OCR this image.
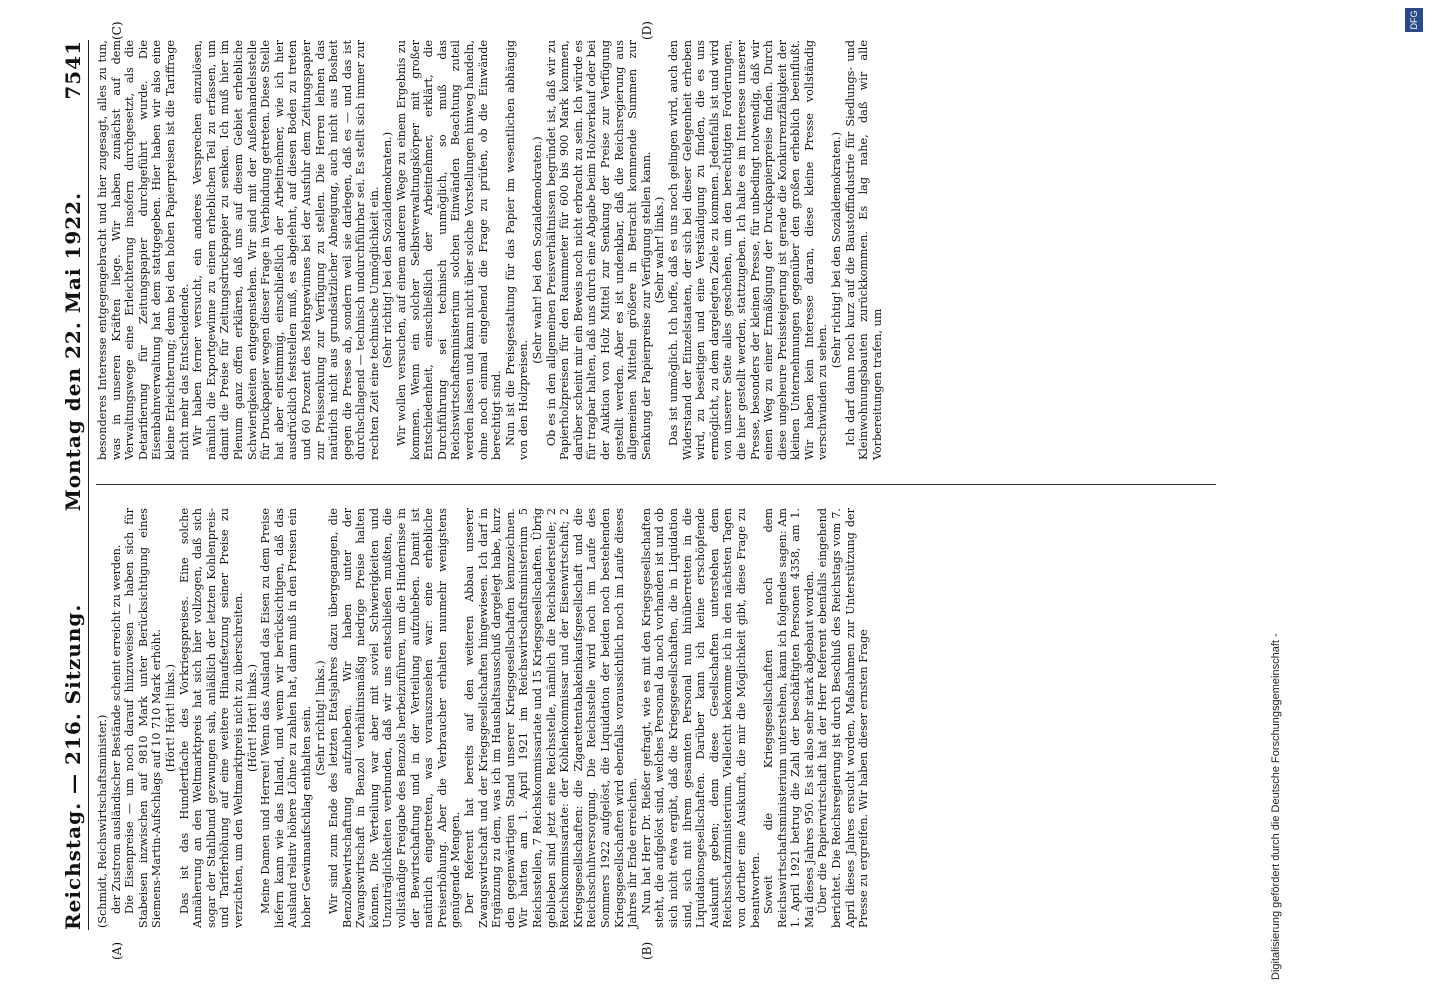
Reichstag. — 216. Sitzung.
Montag den 22. Mai 1922.
7541
(A)	(B)
(C)	(D)

(Schmidt, Reichswirtschaftsminister.) der Zustrom ausländischer Bestände scheint erreicht zu werden. Die Eisenpreise — um noch darauf hinzuweisen — haben sich für Stabeisen inzwischen auf 9810 Mark unter Berücksichtigung eines Siemens-Martin-Aufschlags auf 10 710 Mark erhöht. (Hört! Hört! links.) Das ist das Hundertfache des Vorkriegspreises. Eine solche Annäherung an den Weltmarktpreis hat sich hier vollzogen, daß sich sogar der Stahlbund gezwungen sah, anläßlich der letzten Kohlenpreis- und Tariferhöhung auf eine weitere Hinaufsetzung seiner Preise zu verzichten, um den Weltmarktpreis nicht zu überschreiten. (Hört! Hört! links.) Meine Damen und Herren! Wenn das Ausland das Eisen zu dem Preise liefern kann wie das Inland, und wenn wir berücksichtigen, daß das Ausland relativ höhere Löhne zu zahlen hat, dann muß in den Preisen ein hoher Gewinnaufschlag enthalten sein. (Sehr richtig! links.) Wir sind zum Ende des letzten Etatsjahres dazu übergegangen, die Benzolbewirtschaftung aufzuheben. Wir haben unter der Zwangswirtschaft in Benzol verhältnismäßig niedrige Preise halten können. Die Verteilung war aber mit soviel Schwierigkeiten und Unzuträglichkeiten verbunden, daß wir uns entschließen mußten, die vollständige Freigabe des Benzols herbeizuführen, um die Hindernisse in der Bewirtschaftung und in der Verteilung aufzuheben. Damit ist natürlich eingetreten, was vorauszusehen war: eine erhebliche Preiserhöhung. Aber die Verbraucher erhalten nunmehr wenigstens genügende Mengen. Der Referent hat bereits auf den weiteren Abbau unserer Zwangswirtschaft und der Kriegsgesellschaften hingewiesen. Ich darf in Ergänzung zu dem, was ich im Haushaltsausschuß dargelegt habe, kurz den gegenwärtigen Stand unserer Kriegsgesellschaften kennzeichnen. Wir hatten am 1. April 1921 im Reichswirtschaftsministerium 5 Reichsstellen, 7 Reichskommissariate und 15 Kriegsgesellschaften. Übrig geblieben sind jetzt eine Reichsstelle, nämlich die Reichslederstelle; 2 Reichskommissariate: der Kohlenkommissar und der Eisenwirtschaft; 2 Kriegsgesellschaften: die Zigarettentabakeinkaufsgesellschaft und die Reichsschuhversorgung. Die Reichsstelle wird noch im Laufe des Sommers 1922 aufgelöst, die Liquidation der beiden noch bestehenden Kriegsgesellschaften wird ebenfalls voraussichtlich noch im Laufe dieses Jahres ihr Ende erreichen. Nun hat Herr Dr. Rießer gefragt, wie es mit den Kriegsgesellschaften steht, die aufgelöst sind, welches Personal da noch vorhanden ist und ob sich nicht etwa ergibt, daß die Kriegsgesellschaften, die in Liquidation sind, sich mit ihrem gesamten Personal nun hinüberretten in die Liquidationsgesellschaften. Darüber kann ich keine erschöpfende Auskunft geben; denn diese Gesellschaften unterstehen dem Reichsschatzministerium. Vielleicht bekomme ich in den nächsten Tagen von dorther eine Auskunft, die mir die Möglichkeit gibt, diese Frage zu beantworten. Soweit die Kriegsgesellschaften noch dem Reichswirtschaftsministerium unterstehen, kann ich folgendes sagen: Am 1. April 1921 betrug die Zahl der beschäftigten Personen 4358, am 1. Mai dieses Jahres 950. Es ist also sehr stark abgebaut worden. Über die Papierwirtschaft hat der Herr Referent ebenfalls eingehend berichtet. Die Reichsregierung ist durch Beschluß des Reichstags vom 7. April dieses Jahres ersucht worden, Maßnahmen zur Unterstützung der Presse zu ergreifen. Wir haben dieser ernsten Frage

besonderes Interesse entgegengebracht und hier zugesagt, alles zu tun, was in unseren Kräften liege. Wir haben zunächst auf dem Verwaltungswege eine Erleichterung insofern durchgesetzt, als die Detarifierung für Zeitungspapier durchgeführt wurde. Die Eisenbahnverwaltung hat dem stattgegeben. Hier haben wir also eine kleine Erleichterung; denn bei den hohen Papierpreisen ist die Tariffrage nicht mehr das Entscheidende. Wir haben ferner versucht, ein anderes Versprechen einzulösen, nämlich die Exportgewinne zu einem erheblichen Teil zu erfassen, um damit die Preise für Zeitungsdruckpapier zu senken. Ich muß hier im Plenum ganz offen erklären, daß uns auf diesem Gebiet erhebliche Schwierigkeiten entgegenstehen. Wir sind mit der Außenhandelsstelle für Druckpapier wegen dieser Frage in Verbindung getreten. Diese Stelle hat aber einstimmig, einschließlich der Arbeitnehmer, wie ich hier ausdrücklich feststellen muß, es abgelehnt, auf diesen Boden zu treten und 60 Prozent des Mehrgewinnes bei der Ausfuhr dem Zeitungspapier zur Preissenkung zur Verfügung zu stellen. Die Herren lehnen das natürlich nicht aus grundsätzlicher Abneigung, auch nicht aus Bosheit gegen die Presse ab, sondern weil sie darlegen, daß es — und das ist durchschlagend — technisch undurchführbar sei. Es stellt sich immer zur rechten Zeit eine technische Unmöglichkeit ein. (Sehr richtig! bei den Sozialdemokraten.) Wir wollen versuchen, auf einem anderen Wege zu einem Ergebnis zu kommen. Wenn ein solcher Selbstverwaltungskörper mit großer Entschiedenheit, einschließlich der Arbeitnehmer, erklärt, die Durchführung sei technisch unmöglich, so muß das Reichswirtschaftsministerium solchen Einwänden Beachtung zuteil werden lassen und kann nicht über solche Vorstellungen hinweg handeln, ohne noch einmal eingehend die Frage zu prüfen, ob die Einwände berechtigt sind. Nun ist die Preisgestaltung für das Papier im wesentlichen abhängig von den Holzpreisen.

(Sehr wahr! bei den Sozialdemokraten.) Ob es in den allgemeinen Preisverhältnissen begründet ist, daß wir zu Papierholzpreisen für den Raummeter für 600 bis 900 Mark kommen, darüber scheint mir ein Beweis noch nicht erbracht zu sein. Ich würde es für tragbar halten, daß uns durch eine Abgabe beim Holzverkauf oder bei der Auktion von Holz Mittel zur Senkung der Preise zur Verfügung gestellt werden. Aber es ist undenkbar, daß die Reichsregierung aus allgemeinen Mitteln größere in Betracht kommende Summen zur Senkung der Papierpreise zur Verfügung stellen kann. (Sehr wahr! links.) Das ist unmöglich. Ich hoffe, daß es uns noch gelingen wird, auch den Widerstand der Einzelstaaten, der sich bei dieser Gelegenheit erheben wird, zu beseitigen und eine Verständigung zu finden, die es uns ermöglicht, zu dem dargelegten Ziele zu kommen. Jedenfalls ist und wird von unserer Seite alles geschehen, um den berechtigten Forderungen, die hier gestellt werden, stattzugeben. Ich halte es im Interesse unserer Presse, besonders der kleinen Presse, für unbedingt notwendig, daß wir einen Weg zu einer Ermäßigung der Druckpapierpreise finden. Durch diese ungeheure Preissteigerung ist gerade die Konkurrenzfähigkeit der kleinen Unternehmungen gegenüber den großen erheblich beeinflußt. Wir haben kein Interesse daran, diese kleine Presse vollständig verschwinden zu sehen.

(Sehr richtig! bei den Sozialdemokraten.) Ich darf dann noch kurz auf die Baustoffindustrie für Siedlungs- und Kleinwohnungsbauten zurückkommen. Es lag nahe, daß wir alle Vorbereitungen trafen, um

Digitalisierung gefördert durch die Deutsche Forschungsgemeinschaft -
DFG
